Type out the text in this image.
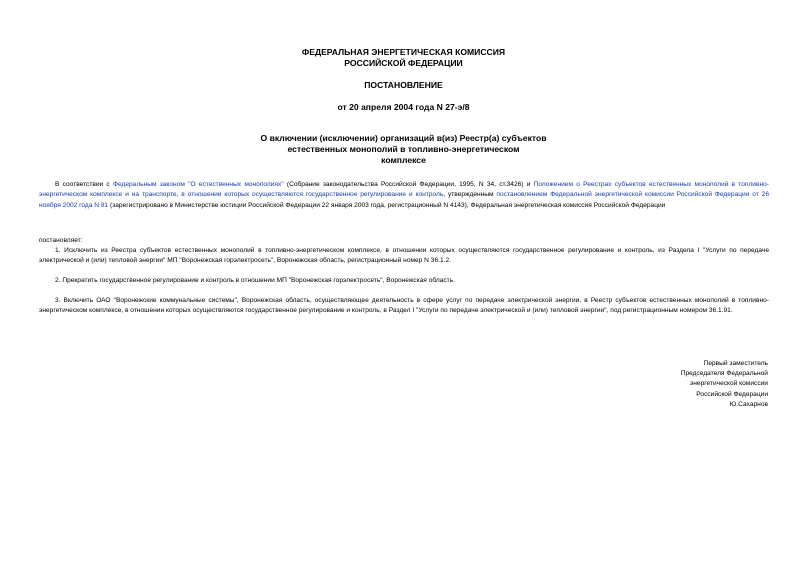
ФЕДЕРАЛЬНАЯ ЭНЕРГЕТИЧЕСКАЯ КОМИССИЯ
РОССИЙСКОЙ ФЕДЕРАЦИИ
ПОСТАНОВЛЕНИЕ
от 20 апреля 2004 года N 27-э/8
О включении (исключении) организаций в(из) Реестр(а) субъектов
естественных монополий в топливно-энергетическом
комплексе
В соответствии с Федеральным законом "О естественных монополиях" (Собрание законодательства Российской Федерации, 1995, N 34, ст.3426) и Положением о Реестрах субъектов естественных монополий в топливно-энергетическом комплексе и на транспорте, в отношении которых осуществляются государственное регулирование и контроль, утвержденным постановлением Федеральной энергетической комиссии Российской Федерации от 26 ноября 2002 года N 81 (зарегистрировано в Министерстве юстиции Российской Федерации 22 января 2003 года, регистрационный N 4143), Федеральная энергетическая комиссия Российской Федерации
постановляет:
1. Исключить из Реестра субъектов естественных монополий в топливно-энергетическом комплексе, в отношении которых осуществляются государственное регулирование и контроль, из Раздела I "Услуги по передаче электрической и (или) тепловой энергии" МП "Воронежская горэлектросеть", Воронежская область, регистрационный номер N 36.1.2.
2. Прекратить государственное регулирование и контроль в отношении МП "Воронежская горэлектросеть", Воронежская область.
3. Включить ОАО "Воронежские коммунальные системы", Воронежская область, осуществляющее деятельность в сфере услуг по передаче электрической энергии, в Реестр субъектов естественных монополий в топливно-энергетическом комплексе, в отношении которых осуществляются государственное регулирование и контроль, в Раздел I "Услуги по передаче электрической и (или) тепловой энергии", под регистрационным номером 36.1.91.
Первый заместитель
Председателя Федеральной
энергетической комиссии
Российской Федерации
Ю.Сахарнов
